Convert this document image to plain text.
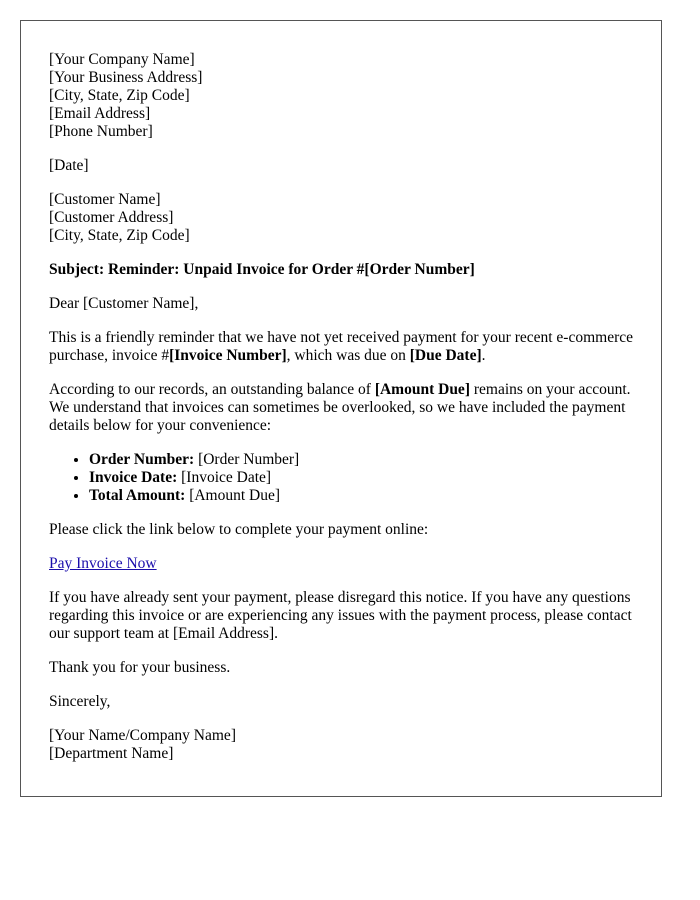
[Your Company Name]

[Your Business Address]

[City, State, Zip Code]

[Email Address]

[Phone Number]

[Date]

[Customer Name]

[Customer Address]

[City, State, Zip Code]

Subject: Reminder: Unpaid Invoice for Order #[Order Number]

Dear [Customer Name],

This is a friendly reminder that we have not yet received payment for your recent e-commerce purchase, invoice #[Invoice Number], which was due on [Due Date].

According to our records, an outstanding balance of [Amount Due] remains on your account. We understand that invoices can sometimes be overlooked, so we have included the payment details below for your convenience:

• Order Number: [Order Number]
• Invoice Date: [Invoice Date]
• Total Amount: [Amount Due]

Please click the link below to complete your payment online:

Pay Invoice Now

If you have already sent your payment, please disregard this notice. If you have any questions regarding this invoice or are experiencing any issues with the payment process, please contact our support team at [Email Address].

Thank you for your business.

Sincerely,

[Your Name/Company Name]

[Department Name]
